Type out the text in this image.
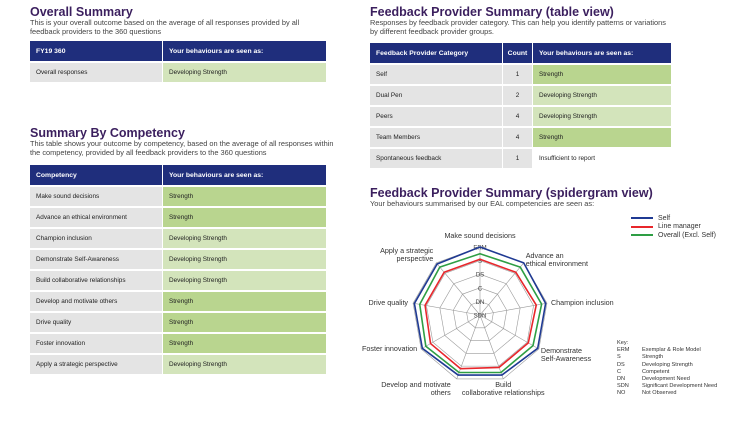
Overall Summary
This is your overall outcome based on the average of all responses provided by all feedback providers to the 360 questions
FY19 360	Your behaviours are seen as:
Overall responses	Developing Strength
Summary By Competency
This table shows your outcome by competency, based on the average of all responses within the competency, provided by all feedback providers to the 360 questions
Competency	Your behaviours are seen as:
Make sound decisions	Strength
Advance an ethical environment	Strength
Champion inclusion	Developing Strength
Demonstrate Self-Awareness	Developing Strength
Build collaborative relationships	Developing Strength
Develop and motivate others	Strength
Drive quality	Strength
Foster innovation	Strength
Apply a strategic perspective	Developing Strength
Feedback Provider Summary (table view)
Responses by feedback provider category. This can help you identify patterns or variations by different feedback provider groups.
Feedback Provider Category	Count	Your behaviours are seen as:
Self	1	Strength
Dual Pen	2	Developing Strength
Peers	4	Developing Strength
Team Members	4	Strength
Spontaneous feedback	1	Insufficient to report
Feedback Provider Summary (spidergram view)
Your behaviours summarised by our EAL competencies are seen as:
ERM
S
DS
C
DN
SDN
Make sound decisions
Advance an ethical environment
Champion inclusion
Demonstrate Self-Awareness
Build collaborative relationships
Develop and motivate others
Foster innovation
Drive quality
Apply a strategic perspective
Self
Line manager
Overall (Excl. Self)
Key:
ERM	Exemplar & Role Model
S	Strength
DS	Developing Strength
C	Competent
DN	Development Need
SDN	Significant Development Need
NO	Not Observed
